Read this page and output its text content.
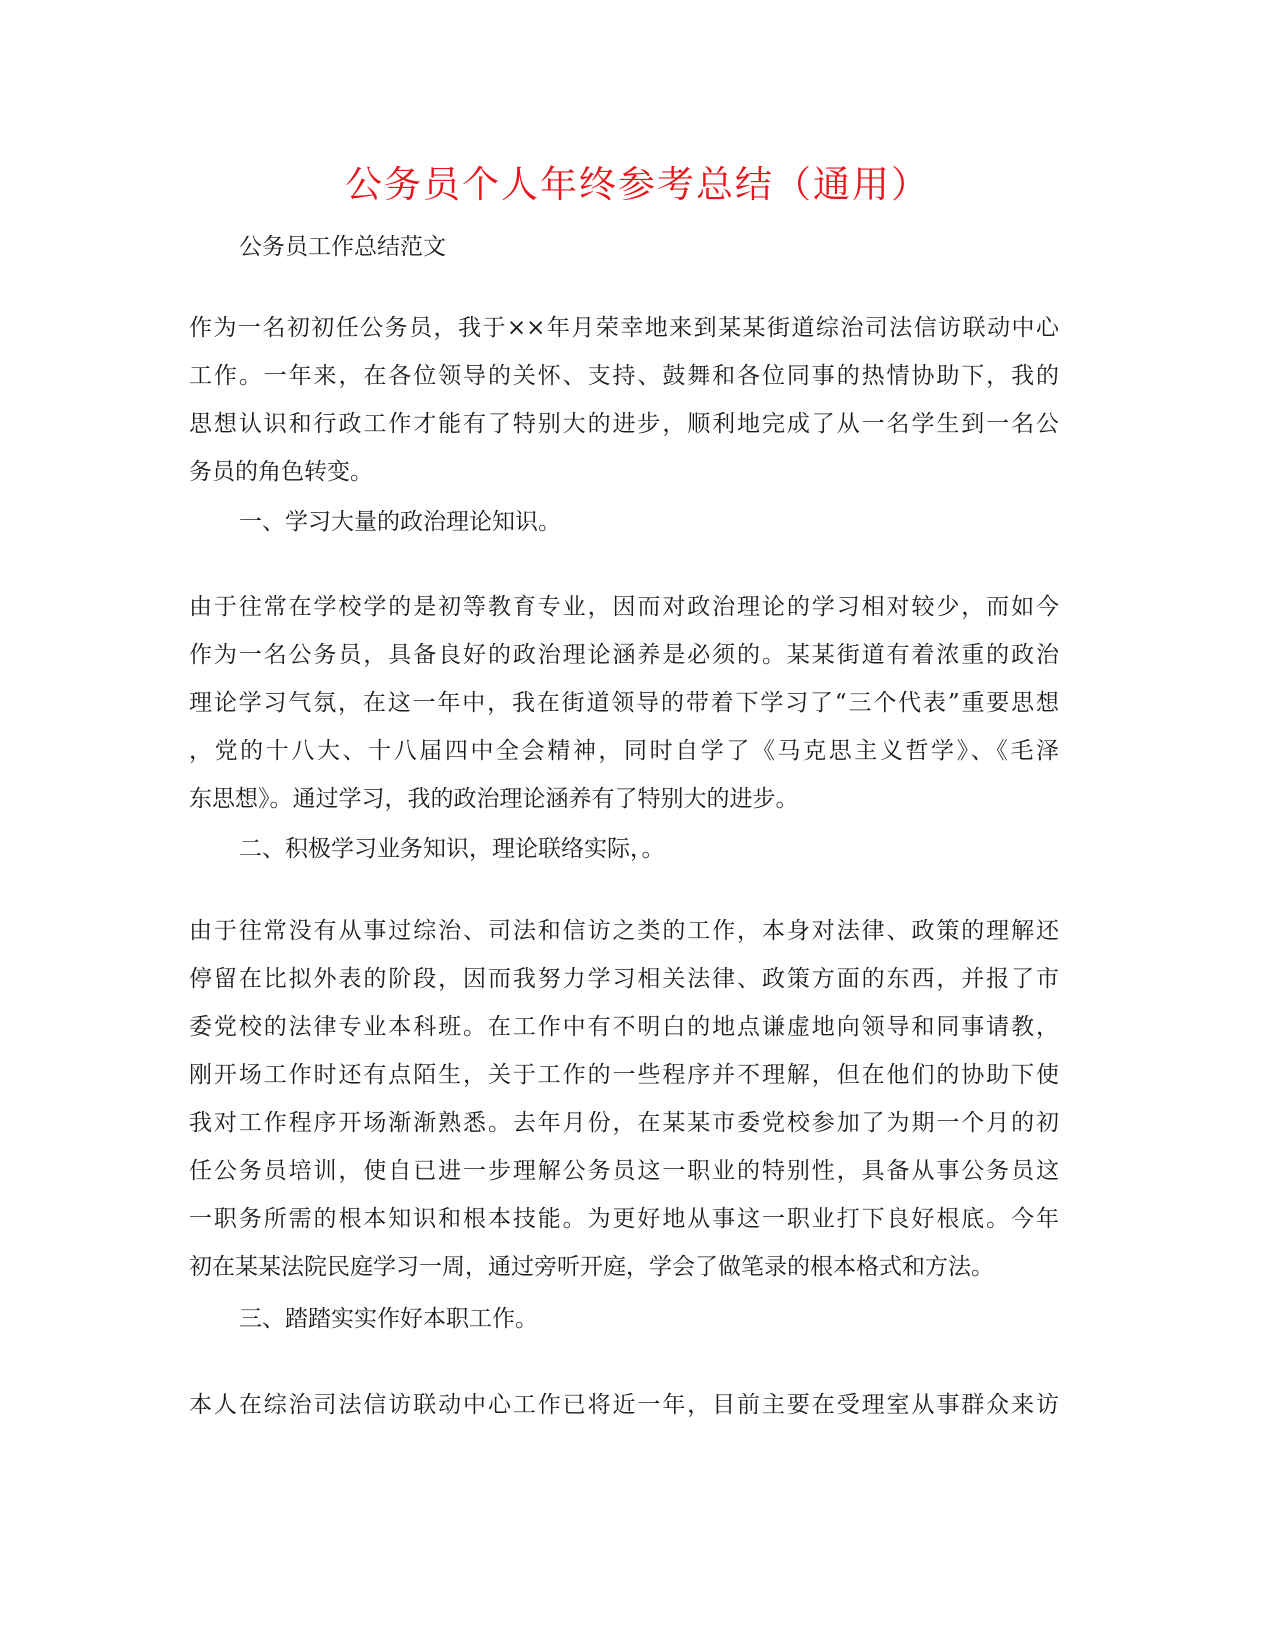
公务员个人年终参考总结（通用）
公务员工作总结范文
作为一名初初任公务员，我于××年月荣幸地来到某某街道综治司法信访联动中心
工作。一年来，在各位领导的关怀、支持、鼓舞和各位同事的热情协助下，我的
思想认识和行政工作才能有了特别大的进步，顺利地完成了从一名学生到一名公
务员的角色转变。
一、学习大量的政治理论知识。
由于往常在学校学的是初等教育专业，因而对政治理论的学习相对较少，而如今
作为一名公务员，具备良好的政治理论涵养是必须的。某某街道有着浓重的政治
理论学习气氛，在这一年中，我在街道领导的带着下学习了“三个代表”重要思想
，党的十八大、十八届四中全会精神，同时自学了《马克思主义哲学》、《毛泽
东思想》。通过学习，我的政治理论涵养有了特别大的进步。
二、积极学习业务知识，理论联络实际，。
由于往常没有从事过综治、司法和信访之类的工作，本身对法律、政策的理解还
停留在比拟外表的阶段，因而我努力学习相关法律、政策方面的东西，并报了市
委党校的法律专业本科班。在工作中有不明白的地点谦虚地向领导和同事请教，
刚开场工作时还有点陌生，关于工作的一些程序并不理解，但在他们的协助下使
我对工作程序开场渐渐熟悉。去年月份，在某某市委党校参加了为期一个月的初
任公务员培训，使自已进一步理解公务员这一职业的特别性，具备从事公务员这
一职务所需的根本知识和根本技能。为更好地从事这一职业打下良好根底。今年
初在某某法院民庭学习一周，通过旁听开庭，学会了做笔录的根本格式和方法。
三、踏踏实实作好本职工作。
本人在综治司法信访联动中心工作已将近一年，目前主要在受理室从事群众来访
